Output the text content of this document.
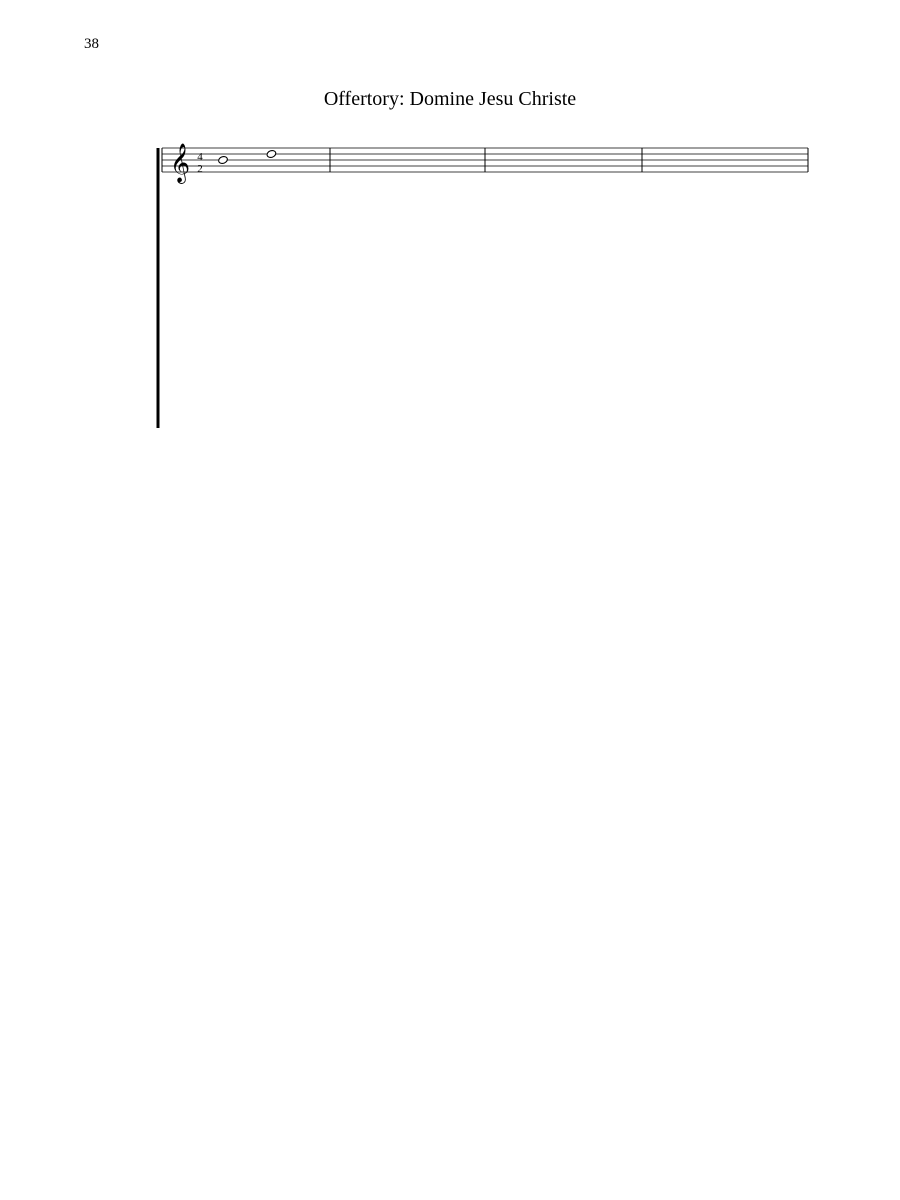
38
Offertory: Domine Jesu Christe
𝄞 4
2
